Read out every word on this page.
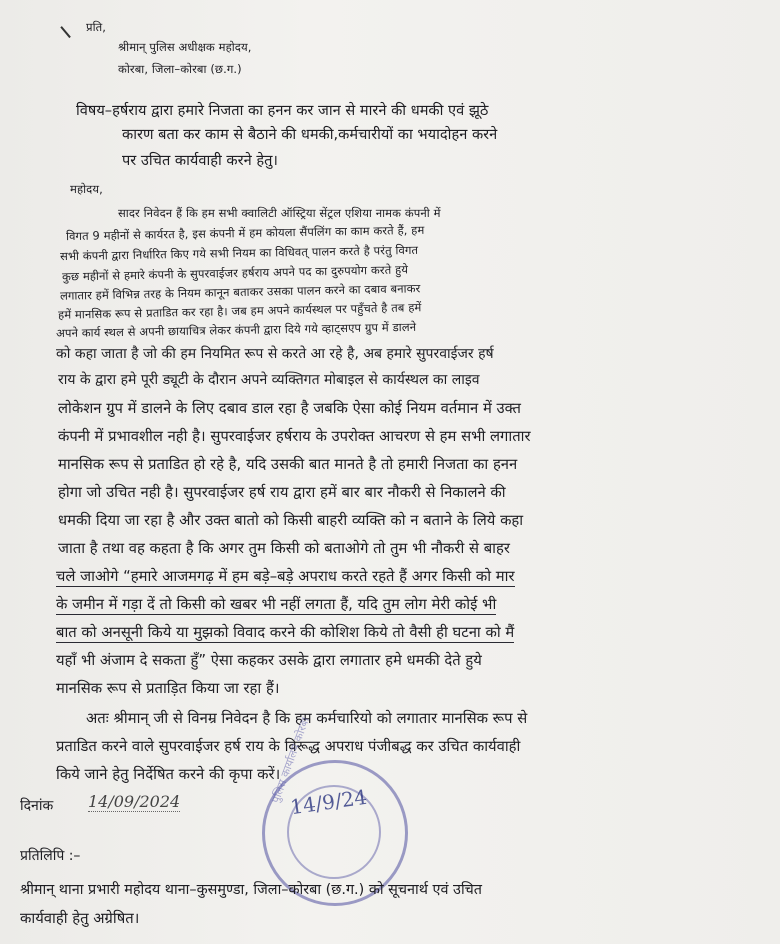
प्रति,
श्रीमान् पुलिस अधीक्षक महोदय,
कोरबा, जिला–कोरबा (छ.ग.)
विषय–हर्षराय द्वारा हमारे निजता का हनन कर जान से मारने की धमकी एवं झूठे
कारण बता कर काम से बैठाने की धमकी,कर्मचारीयों का भयादोहन करने
पर उचित कार्यवाही करने हेतु।
महोदय,
सादर निवेदन हैं कि हम सभी क्वालिटी ऑस्ट्रिया सेंट्रल एशिया नामक कंपनी में
विगत 9 महीनों से कार्यरत है, इस कंपनी में हम कोयला सैंपलिंग का काम करते हैं, हम
सभी कंपनी द्वारा निर्धारित किए गये सभी नियम का विधिवत् पालन करते है परंतु विगत
कुछ महीनों से हमारे कंपनी के सुपरवाईजर हर्षराय अपने पद का दुरुपयोग करते हुये
लगातार हमें विभिन्न तरह के नियम कानून बताकर उसका पालन करने का दबाव बनाकर
हमें मानसिक रूप से प्रताडित कर रहा है। जब हम अपने कार्यस्थल पर पहुँचते है तब हमें
अपने कार्य स्थल से अपनी छायाचित्र लेकर कंपनी द्वारा दिये गये व्हाट्सएप ग्रुप में डालने
को कहा जाता है जो की हम नियमित रूप से करते आ रहे है, अब हमारे सुपरवाईजर हर्ष
राय के द्वारा हमे पूरी ड्यूटी के दौरान अपने व्यक्तिगत मोबाइल से कार्यस्थल का लाइव
लोकेशन ग्रुप में डालने के लिए दबाव डाल रहा है जबकि ऐसा कोई नियम वर्तमान में उक्त
कंपनी में प्रभावशील नही है। सुपरवाईजर हर्षराय के उपरोक्त आचरण से हम सभी लगातार
मानसिक रूप से प्रताडित हो रहे है, यदि उसकी बात मानते है तो हमारी निजता का हनन
होगा जो उचित नही है। सुपरवाईजर हर्ष राय द्वारा हमें बार बार नौकरी से निकालने की
धमकी दिया जा रहा है और उक्त बातो को किसी बाहरी व्यक्ति को न बताने के लिये कहा
जाता है तथा वह कहता है कि अगर तुम किसी को बताओगे तो तुम भी नौकरी से बाहर
चले जाओगे “हमारे आजमगढ़ में हम बड़े–बड़े अपराध करते रहते हैं अगर किसी को मार
के जमीन में गड़ा दें तो किसी को खबर भी नहीं लगता हैं, यदि तुम लोग मेरी कोई भी
बात को अनसूनी किये या मुझको विवाद करने की कोशिश किये तो वैसी ही घटना को मैं
यहाँ भी अंजाम दे सकता हुँ” ऐसा कहकर उसके द्वारा लगातार हमे धमकी देते हुये
मानसिक रूप से प्रताड़ित किया जा रहा हैं।
अतः श्रीमान् जी से विनम्र निवेदन है कि हम कर्मचारियो को लगातार मानसिक रूप से
प्रताडित करने वाले सुपरवाईजर हर्ष राय के विरूद्ध अपराध पंजीबद्ध कर उचित कार्यवाही
किये जाने हेतु निर्देषित करने की कृपा करें।
पुलिस कार्यालय कोरबा
14/9/24
दिनांक 14/09/2024
प्रतिलिपि :–
श्रीमान् थाना प्रभारी महोदय थाना–कुसमुण्डा, जिला–कोरबा (छ.ग.) को सूचनार्थ एवं उचित
कार्यवाही हेतु अग्रेषित।
